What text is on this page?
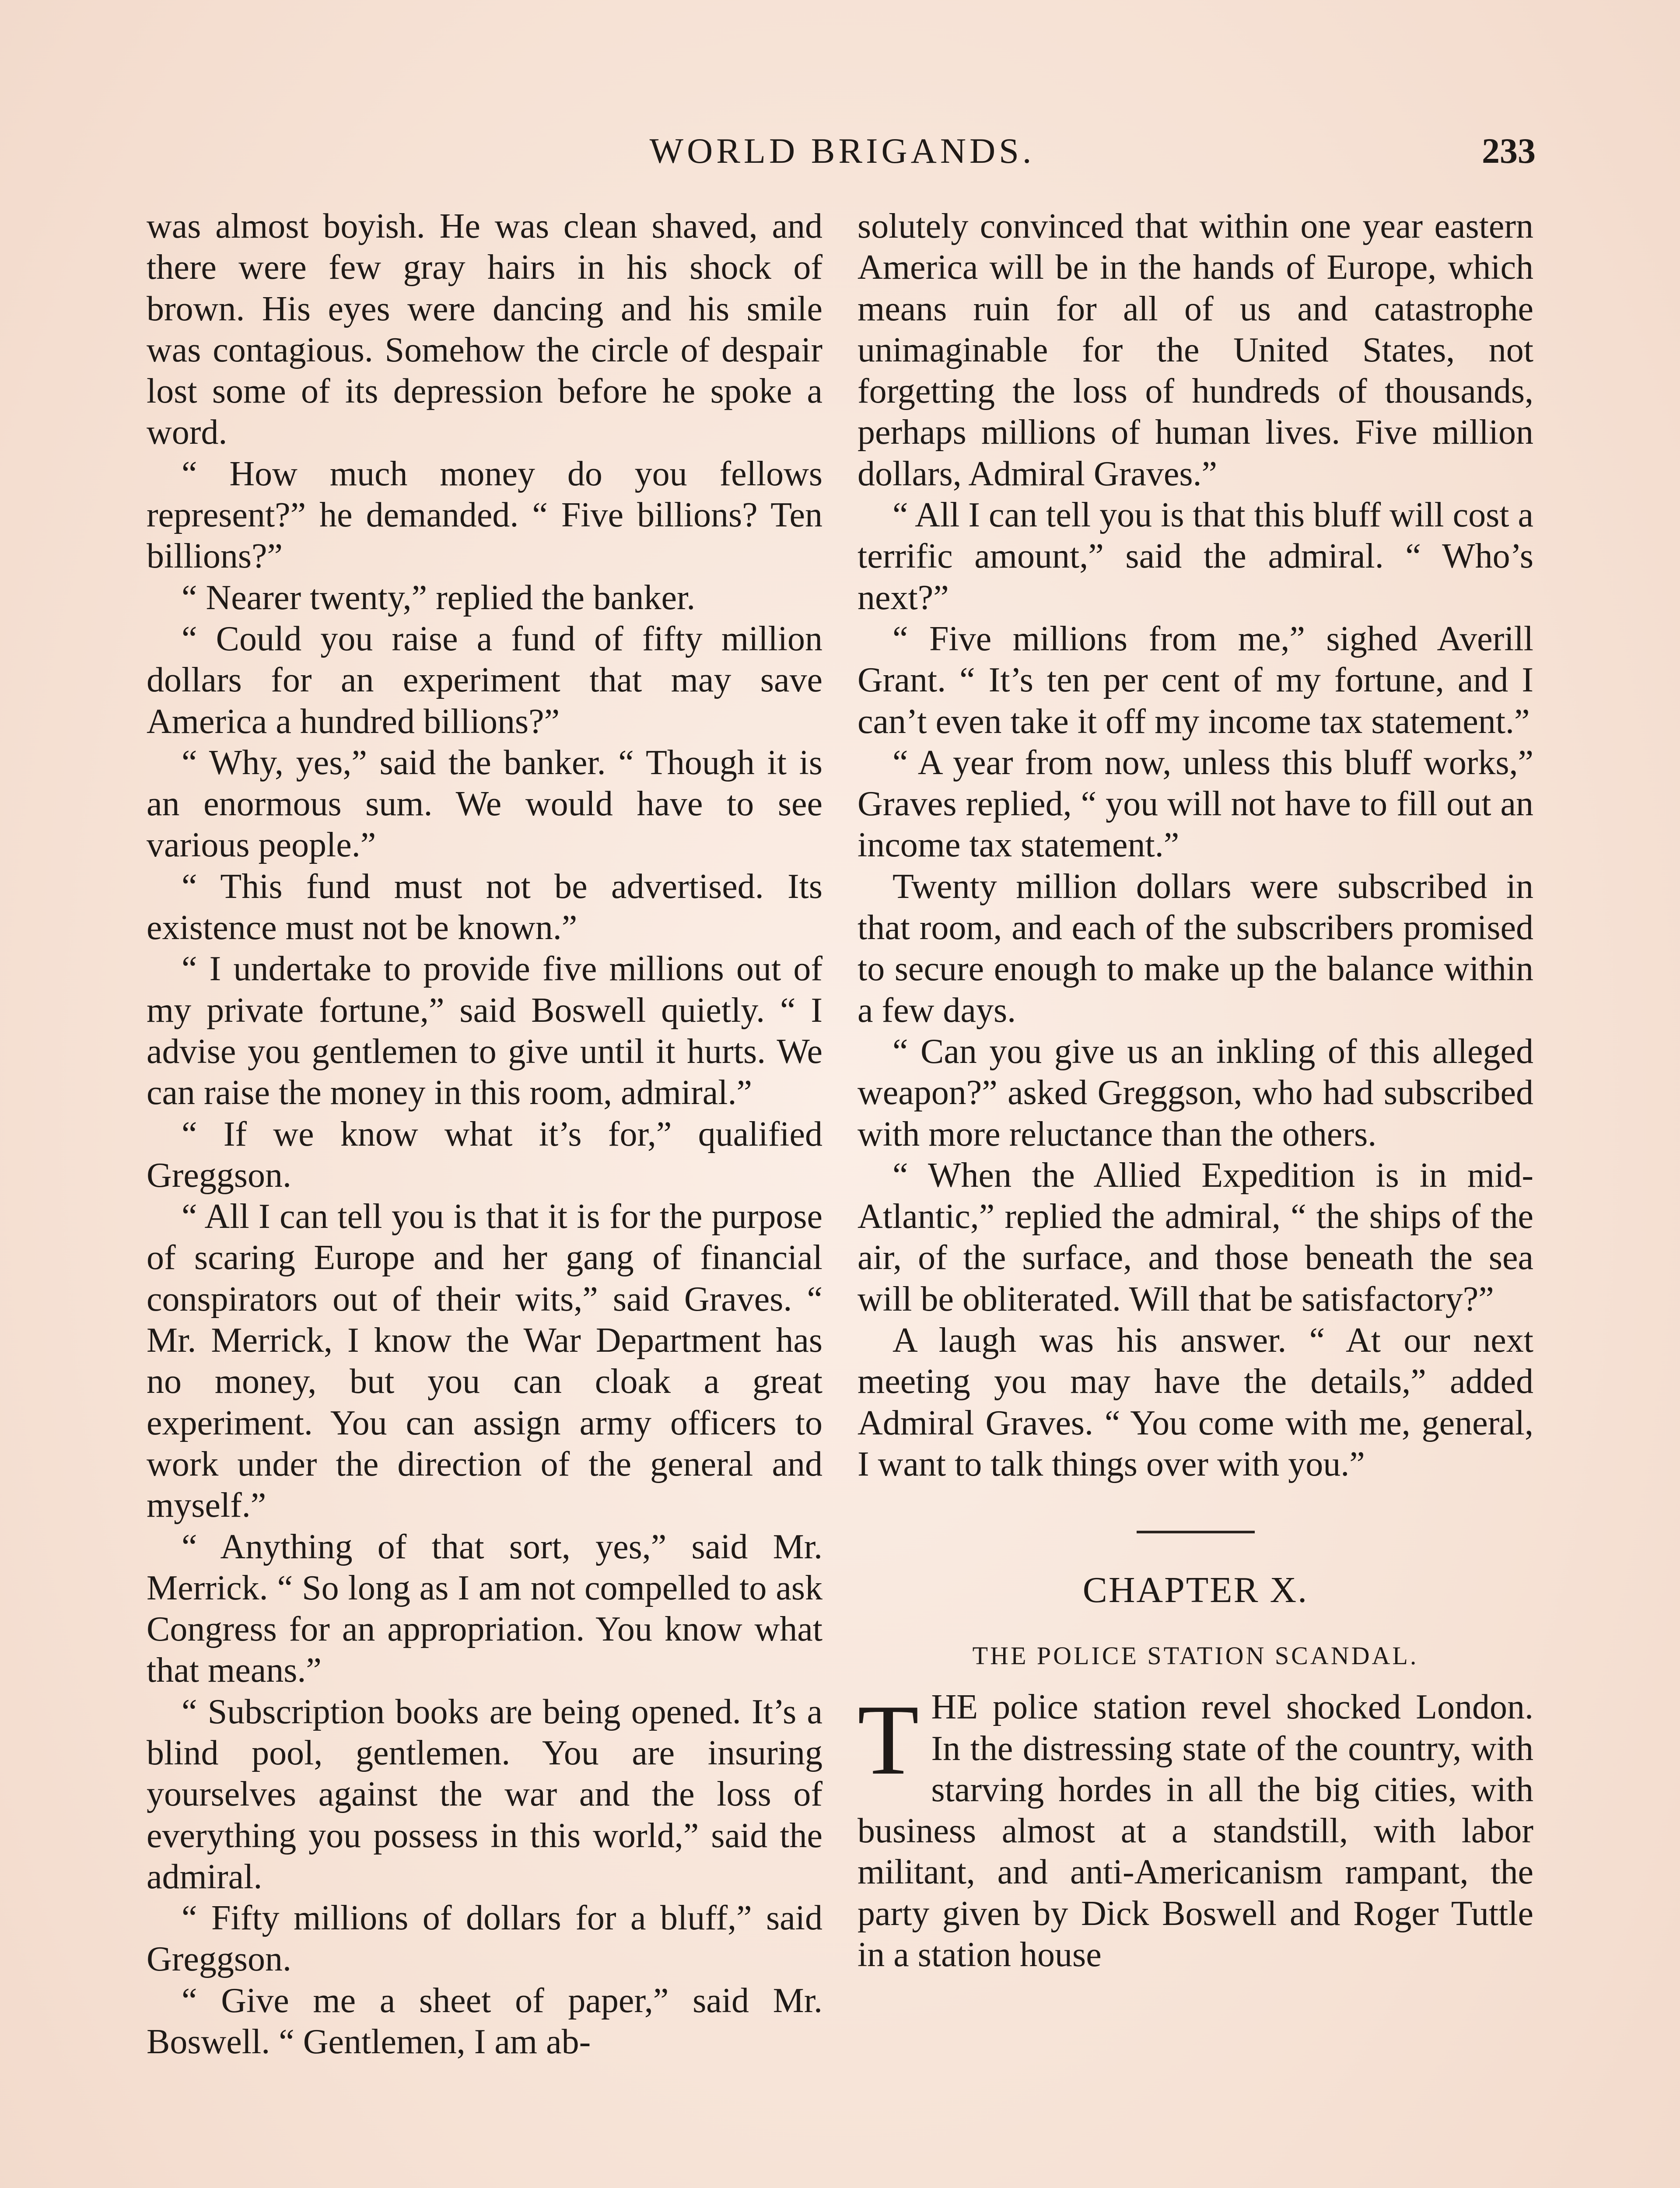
WORLD BRIGANDS.	233

was almost boyish. He was clean shaved, and there were few gray hairs in his shock of brown. His eyes were dancing and his smile was contagious. Somehow the circle of despair lost some of its depression before he spoke a word.

“ How much money do you fellows represent?” he demanded. “ Five billions? Ten billions?”

“ Nearer twenty,” replied the banker.

“ Could you raise a fund of fifty million dollars for an experiment that may save America a hundred billions?”

“ Why, yes,” said the banker. “ Though it is an enormous sum. We would have to see various people.”

“ This fund must not be advertised. Its existence must not be known.”

“ I undertake to provide five millions out of my private fortune,” said Boswell quietly. “ I advise you gentlemen to give until it hurts. We can raise the money in this room, admiral.”

“ If we know what it’s for,” qualified Greggson.

“ All I can tell you is that it is for the purpose of scaring Europe and her gang of financial conspirators out of their wits,” said Graves. “ Mr. Merrick, I know the War Department has no money, but you can cloak a great experiment. You can assign army officers to work under the direction of the general and myself.”

“ Anything of that sort, yes,” said Mr. Merrick. “ So long as I am not compelled to ask Congress for an appropriation. You know what that means.”

“ Subscription books are being opened. It’s a blind pool, gentlemen. You are insuring yourselves against the war and the loss of everything you possess in this world,” said the admiral.

“ Fifty millions of dollars for a bluff,” said Greggson.

“ Give me a sheet of paper,” said Mr. Boswell. “ Gentlemen, I am ab-

solutely convinced that within one year eastern America will be in the hands of Europe, which means ruin for all of us and catastrophe unimaginable for the United States, not forgetting the loss of hundreds of thousands, perhaps millions of human lives. Five million dollars, Admiral Graves.”

“ All I can tell you is that this bluff will cost a terrific amount,” said the admiral. “ Who’s next?”

“ Five millions from me,” sighed Averill Grant. “ It’s ten per cent of my fortune, and I can’t even take it off my income tax statement.”

“ A year from now, unless this bluff works,” Graves replied, “ you will not have to fill out an income tax statement.”

Twenty million dollars were subscribed in that room, and each of the subscribers promised to secure enough to make up the balance within a few days.

“ Can you give us an inkling of this alleged weapon?” asked Greggson, who had subscribed with more reluctance than the others.

“ When the Allied Expedition is in mid-Atlantic,” replied the admiral, “ the ships of the air, of the surface, and those beneath the sea will be obliterated. Will that be satisfactory?”

A laugh was his answer. “ At our next meeting you may have the details,” added Admiral Graves. “ You come with me, general, I want to talk things over with you.”

CHAPTER X.
THE POLICE STATION SCANDAL.

THE police station revel shocked London. In the distressing state of the country, with starving hordes in all the big cities, with business almost at a standstill, with labor militant, and anti-Americanism rampant, the party given by Dick Boswell and Roger Tuttle in a station house
